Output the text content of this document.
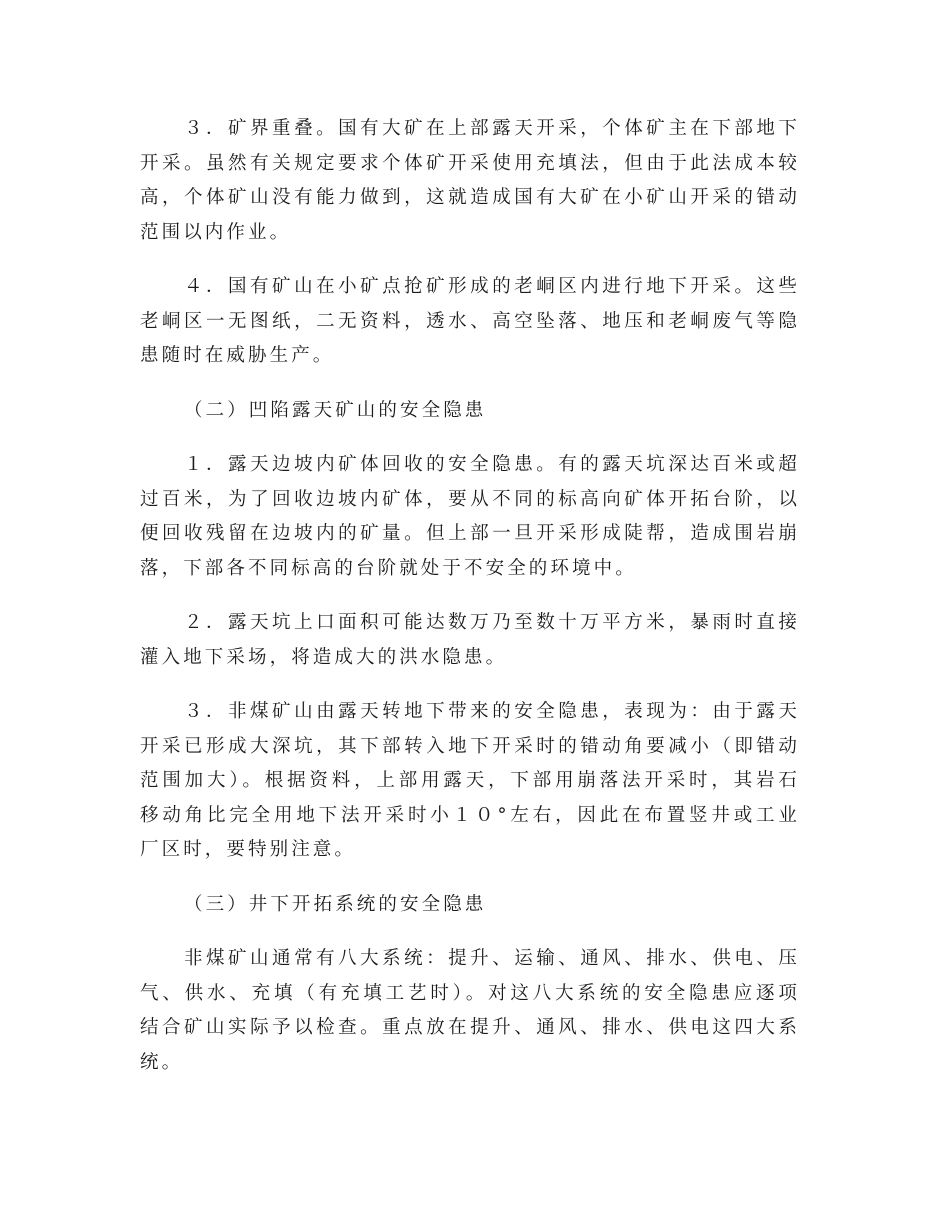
３．矿界重叠。国有大矿在上部露天开采，个体矿主在下部地下开采。虽然有关规定要求个体矿开采使用充填法，但由于此法成本较高，个体矿山没有能力做到，这就造成国有大矿在小矿山开采的错动范围以内作业。

４．国有矿山在小矿点抢矿形成的老峒区内进行地下开采。这些老峒区一无图纸，二无资料，透水、高空坠落、地压和老峒废气等隐患随时在威胁生产。

（二）凹陷露天矿山的安全隐患

１．露天边坡内矿体回收的安全隐患。有的露天坑深达百米或超过百米，为了回收边坡内矿体，要从不同的标高向矿体开拓台阶，以便回收残留在边坡内的矿量。但上部一旦开采形成陡帮，造成围岩崩落，下部各不同标高的台阶就处于不安全的环境中。

２．露天坑上口面积可能达数万乃至数十万平方米，暴雨时直接灌入地下采场，将造成大的洪水隐患。

３．非煤矿山由露天转地下带来的安全隐患，表现为：由于露天开采已形成大深坑，其下部转入地下开采时的错动角要减小（即错动范围加大）。根据资料，上部用露天，下部用崩落法开采时，其岩石移动角比完全用地下法开采时小１０°左右，因此在布置竖井或工业厂区时，要特别注意。

（三）井下开拓系统的安全隐患

非煤矿山通常有八大系统：提升、运输、通风、排水、供电、压气、供水、充填（有充填工艺时）。对这八大系统的安全隐患应逐项结合矿山实际予以检查。重点放在提升、通风、排水、供电这四大系统。
